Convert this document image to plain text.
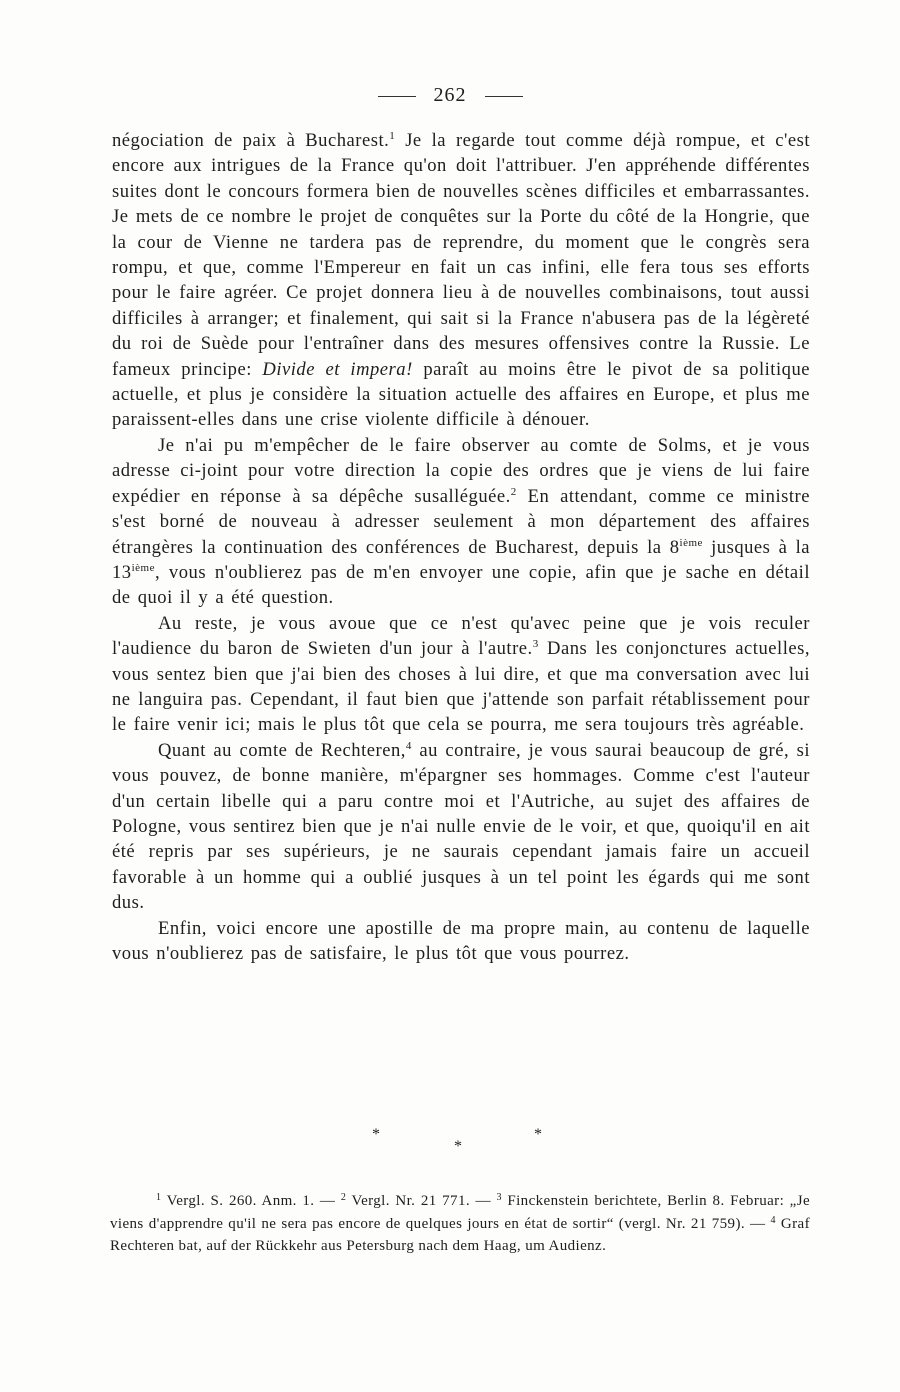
262

négociation de paix à Bucharest.$^1$ Je la regarde tout comme déjà rompue, et c'est encore aux intrigues de la France qu'on doit l'attribuer. J'en appréhende différentes suites dont le concours formera bien de nouvelles scènes difficiles et embarrassantes. Je mets de ce nombre le projet de conquêtes sur la Porte du côté de la Hongrie, que la cour de Vienne ne tardera pas de reprendre, du moment que le congrès sera rompu, et que, comme l'Empereur en fait un cas infini, elle fera tous ses efforts pour le faire agréer. Ce projet donnera lieu à de nouvelles combinaisons, tout aussi difficiles à arranger; et finalement, qui sait si la France n'abusera pas de la légèreté du roi de Suède pour l'entraîner dans des mesures offensives contre la Russie. Le fameux principe: Divide et impera! paraît au moins être le pivot de sa politique actuelle, et plus je considère la situation actuelle des affaires en Europe, et plus me paraissent-elles dans une crise violente difficile à dénouer.

Je n'ai pu m'empêcher de le faire observer au comte de Solms, et je vous adresse ci-joint pour votre direction la copie des ordres que je viens de lui faire expédier en réponse à sa dépêche susalléguée.$^2$ En attendant, comme ce ministre s'est borné de nouveau à adresser seulement à mon département des affaires étrangères la continuation des conférences de Bucharest, depuis la 8ième jusques à la 13ième, vous n'oublierez pas de m'en envoyer une copie, afin que je sache en détail de quoi il y a été question.

Au reste, je vous avoue que ce n'est qu'avec peine que je vois reculer l'audience du baron de Swieten d'un jour à l'autre.$^3$ Dans les conjonctures actuelles, vous sentez bien que j'ai bien des choses à lui dire, et que ma conversation avec lui ne languira pas. Cependant, il faut bien que j'attende son parfait rétablissement pour le faire venir ici; mais le plus tôt que cela se pourra, me sera toujours très agréable.

Quant au comte de Rechteren,$^4$ au contraire, je vous saurai beaucoup de gré, si vous pouvez, de bonne manière, m'épargner ses hommages. Comme c'est l'auteur d'un certain libelle qui a paru contre moi et l'Autriche, au sujet des affaires de Pologne, vous sentirez bien que je n'ai nulle envie de le voir, et que, quoiqu'il en ait été repris par ses supérieurs, je ne saurais cependant jamais faire un accueil favorable à un homme qui a oublié jusques à un tel point les égards qui me sont dus.

Enfin, voici encore une apostille de ma propre main, au contenu de laquelle vous n'oublierez pas de satisfaire, le plus tôt que vous pourrez.

*	*
*

$^1$ Vergl. S. 260. Anm. 1. — $^2$ Vergl. Nr. 21 771. — $^3$ Finckenstein berichtete, Berlin 8. Februar: „Je viens d'apprendre qu'il ne sera pas encore de quelques jours en état de sortir“ (vergl. Nr. 21 759). — $^4$ Graf Rechteren bat, auf der Rückkehr aus Petersburg nach dem Haag, um Audienz.
